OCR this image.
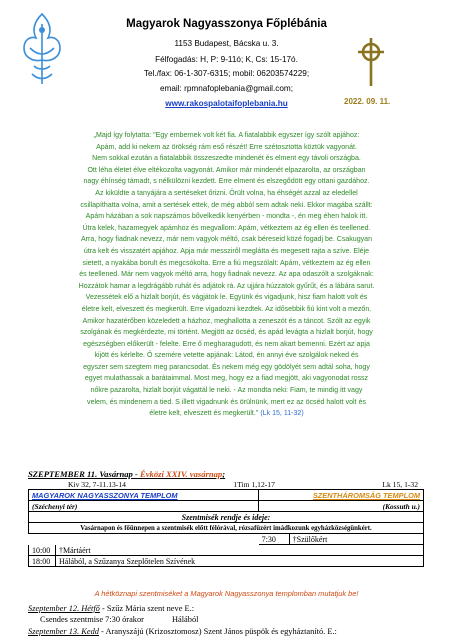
Magyarok Nagyasszonya Főplébánia
1153 Budapest, Bácska u. 3.
Félfogadás: H, P: 9-11ó; K, Cs: 15-17ó.
Tel./fax: 06-1-307-6315; mobil: 06203574229;
email: rpmnafoplebania@gmail.com;
www.rakospalotaifoplebania.hu	2022. 09. 11.
„Majd így folytatta: "Egy embernek volt két fia. A fiatalabbik egyszer így szólt apjához:
Apám, add ki nekem az örökség rám eső részét! Erre szétosztotta köztük vagyonát.
Nem sokkal ezután a fiatalabbik összeszedte mindenét és elment egy távoli országba.
Ott léha életet élve eltékozolta vagyonát. Amikor már mindenét elpazarolta, az országban
nagy éhínség támadt, s nélkülözni kezdett. Erre elment és elszegődött egy ottani gazdához.
Az kiküldte a tanyájára a sertéseket őrizni. Örült volna, ha éhségét azzal az eledellel
csillapíthatta volna, amit a sertések ettek, de még abból sem adtak neki. Ekkor magába szállt:
Apám házában a sok napszámos bővelkedik kenyérben - mondta -, én meg éhen halok itt.
Útra kelek, hazamegyek apámhoz és megvallom: Apám, vétkeztem az ég ellen és teellened.
Arra, hogy fiadnak nevezz, már nem vagyok méltó, csak béreseid közé fogadj be. Csakugyan
útra kelt és visszatért apjához. Apja már messziről meglátta és megesett rajta a szíve. Eléje
sietett, a nyakába borult és megcsókolta. Erre a fiú megszólalt: Apám, vétkeztem az ég ellen
és teellened. Már nem vagyok méltó arra, hogy fiadnak nevezz. Az apa odaszólt a szolgáknak:
Hozzátok hamar a legdrágább ruhát és adjátok rá. Az ujjára húzzatok gyűrűt, és a lábára sarut.
Vezessétek elő a hizlalt borjút, és vágjátok le. Együnk és vigadjunk, hisz fiam halott volt és
életre kelt, elveszett és megkerült. Erre vigadozni kezdtek. Az idősebbik fiú kint volt a mezőn.
Amikor hazatérőben közeledett a házhoz, meghallotta a zeneszót és a táncot. Szólt az egyik
szolgának és megkérdezte, mi történt. Megjött az öcséd, és apád levágta a hizlalt borjút, hogy
egészségben előkerült - felelte. Erre ő megharagudott, és nem akart bemenni. Ezért az apja
kijött és kérlelte. Ő szemére vetette apjának: Látod, én annyi éve szolgálok neked és
egyszer sem szegtem meg parancsodat. És nekem még egy gödölyét sem adtál soha, hogy
egyet mulathassak a barátaimmal. Most meg, hogy ez a fiad megjött, aki vagyonodat rossz
nőkre pazarolta, hizlalt borjút vágattál le neki. - Az mondta neki: Fiam, te mindig itt vagy
velem, és mindenem a tied. S illett vigadnunk és örülnünk, mert ez az öcséd halott volt és
életre kelt, elveszett és megkerült." (Lk 15, 11-32)
SZEPTEMBER 11. Vasárnap - Évközi XXIV. vasárnap;
Kiv 32, 7-11.13-14	1Tim 1,12-17	Lk 15, 1-32
MAGYAROK NAGYASSZONYA TEMPLOM		SZENTHÁROMSÁG TEMPLOM	
(Széchenyi tér)		(Kossuth u.)	
Szentmisék rendje és ideje:			
Vasárnapon és főünnepen a szentmisék előtt félórával, rózsafüzért imádkozunk egyházközségünkért.			
		7:30	†Szülőkért
10:00	†Mártáért		
18:00	Hálából, a Szűzanya Szeplőtelen Szívének		
A hétköznapi szentmiséket a Magyarok Nagyasszonya templomban mutatjuk be!
Szeptember 12. Hétfő - Szűz Mária szent neve E.:
Csendes szentmise 7:30 órakor	Hálából
Szeptember 13. Kedd - Aranyszájú (Krizosztomosz) Szent János püspök és egyháztanító. E.:
